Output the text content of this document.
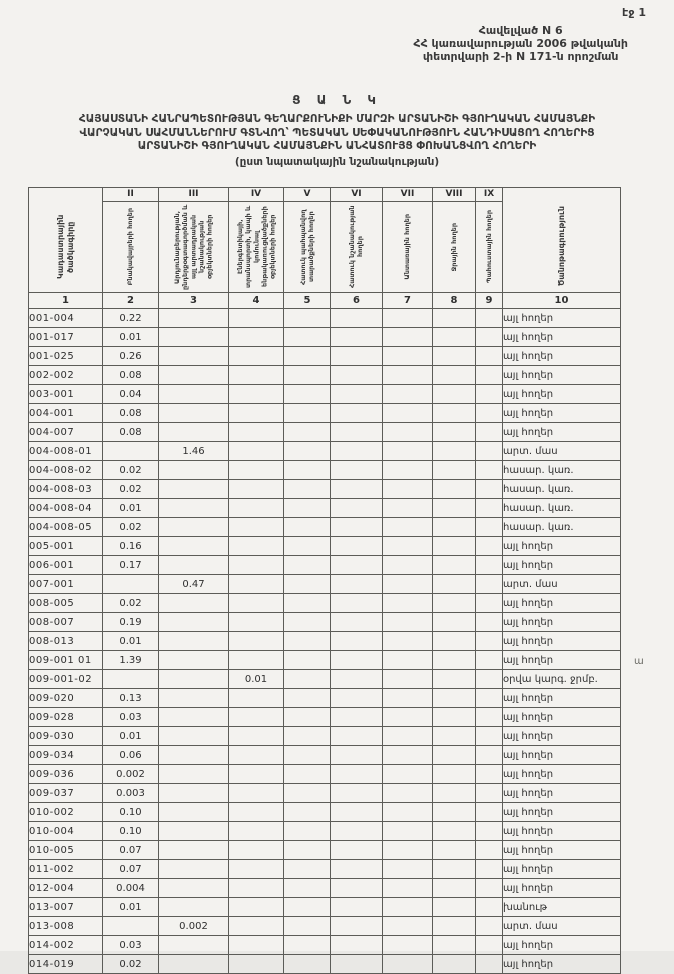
էջ 1
Հավելված N 6
ՀՀ կառավարության 2006 թվականի
փետրվարի 2-ի N 171-ն որոշման
Ց Ա Ն Կ
ՀԱՅԱՍՏԱՆԻ ՀԱՆՐԱՊԵՏՈՒԹՅԱՆ ԳԵՂԱՐՔՈՒՆԻՔԻ ՄԱՐԶԻ ԱՐՏԱՆԻՇԻ ԳՅՈՒՂԱԿԱՆ ՀԱՄԱՅՆՔԻ
ՎԱՐՉԱԿԱՆ ՍԱՀՄԱՆՆԵՐՈՒՄ ԳՏՆՎՈՂ՝ ՊԵՏԱԿԱՆ ՍԵՓԱԿԱՆՈՒԹՅՈՒՆ ՀԱՆԴԻՍԱՑՈՂ ՀՈՂԵՐԻՑ
ԱՐՏԱՆԻՇԻ ԳՅՈՒՂԱԿԱՆ ՀԱՄԱՅՆՔԻՆ ԱՆՀԱՏՈՒՅՑ ՓՈԽԱՆՑՎՈՂ ՀՈՂԵՐԻ
(ըստ նպատակային նշանակության)
Կադաստրային ծածկագիրը

II
Բնակավայրերի հողեր

III
Արդյունաբերության, ընդերքօգտագործման և այլ արտադրական նշանակության օբյեկտների հողեր

IV
Էներգետիկայի, տրանսպորտի, կապի և կոմունալ ենթակառուցվածքների օբյեկտների հողեր

V
Հատուկ պահպանվող տարածքների հողեր

VI
Հատուկ նշանակության հողեր

VII
Անտառային հողեր

VIII
Ջրային հողեր

IX
Պահուստային հողեր	Ծանոթագրություն

1	2	3	4	5	6	7	8	9	10
001-004	0.22								այլ հողեր
001-017	0.01								այլ հողեր
001-025	0.26								այլ հողեր
002-002	0.08								այլ հողեր
003-001	0.04								այլ հողեր
004-001	0.08								այլ հողեր
004-007	0.08								այլ հողեր
004-008-01		1.46							արտ. մաս
004-008-02	0.02								հասար. կառ.
004-008-03	0.02								հասար. կառ.
004-008-04	0.01								հասար. կառ.
004-008-05	0.02								հասար. կառ.
005-001	0.16								այլ հողեր
006-001	0.17								այլ հողեր
007-001		0.47							արտ. մաս
008-005	0.02								այլ հողեր
008-007	0.19								այլ հողեր
008-013	0.01								այլ հողեր
009-001 01	1.39								այլ հողեր
009-001-02			0.01						օրվա կարգ. ջրմբ.
009-020	0.13								այլ հողեր
009-028	0.03								այլ հողեր
009-030	0.01								այլ հողեր
009-034	0.06								այլ հողեր
009-036	0.002								այլ հողեր
009-037	0.003								այլ հողեր
010-002	0.10								այլ հողեր
010-004	0.10								այլ հողեր
010-005	0.07								այլ հողեր
011-002	0.07								այլ հողեր
012-004	0.004								այլ հողեր
013-007	0.01								խանութ
013-008		0.002							արտ. մաս
014-002	0.03								այլ հողեր
014-019	0.02								այլ հողեր
ա
